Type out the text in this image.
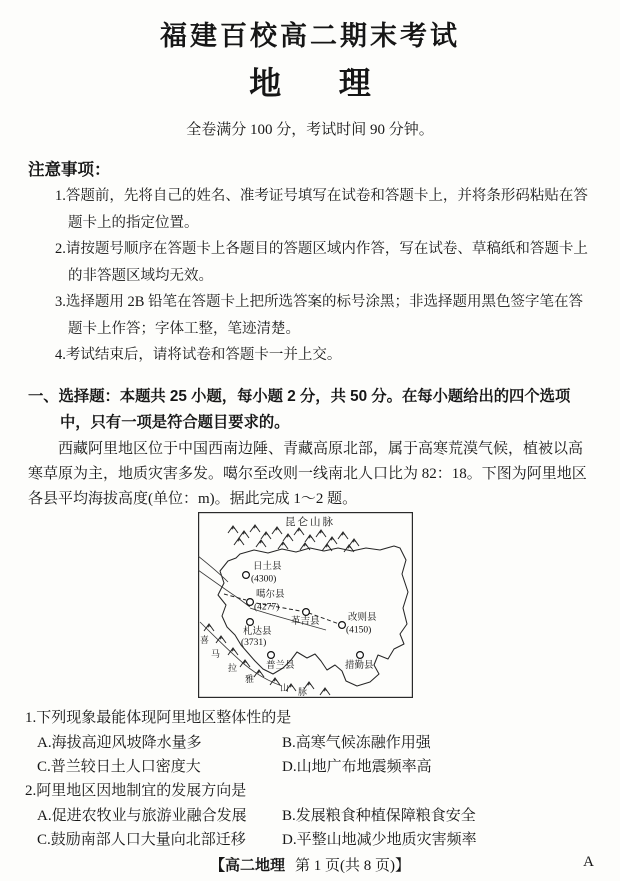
福建百校高二期末考试
地理
全卷满分 100 分，考试时间 90 分钟。
注意事项：
1.答题前，先将自己的姓名、准考证号填写在试卷和答题卡上，并将条形码粘贴在答题卡上的指定位置。
2.请按题号顺序在答题卡上各题目的答题区域内作答，写在试卷、草稿纸和答题卡上的非答题区域均无效。
3.选择题用 2B 铅笔在答题卡上把所选答案的标号涂黑；非选择题用黑色签字笔在答题卡上作答；字体工整，笔迹清楚。
4.考试结束后，请将试卷和答题卡一并上交。
一、选择题：本题共 25 小题，每小题 2 分，共 50 分。在每小题给出的四个选项中，只有一项是符合题目要求的。
西藏阿里地区位于中国西南边陲、青藏高原北部，属于高寒荒漠气候，植被以高寒草原为主，地质灾害多发。噶尔至改则一线南北人口比为 82：18。下图为阿里地区各县平均海拔高度(单位：m)。据此完成 1～2 题。
昆仑山脉
喜
马
拉
雅
山 脉
日土县
(4300)
噶尔县
(4277)
革吉县	改则县
(4150)
札达县
(3731)
普兰县	措勤县
1.下列现象最能体现阿里地区整体性的是
A.海拔高迎风坡降水量多	B.高寒气候冻融作用强
C.普兰较日土人口密度大	D.山地广布地震频率高
2.阿里地区因地制宜的发展方向是
A.促进农牧业与旅游业融合发展	B.发展粮食种植保障粮食安全
C.鼓励南部人口大量向北部迁移	D.平整山地减少地质灾害频率
【高二地理 第 1 页(共 8 页)】	A
